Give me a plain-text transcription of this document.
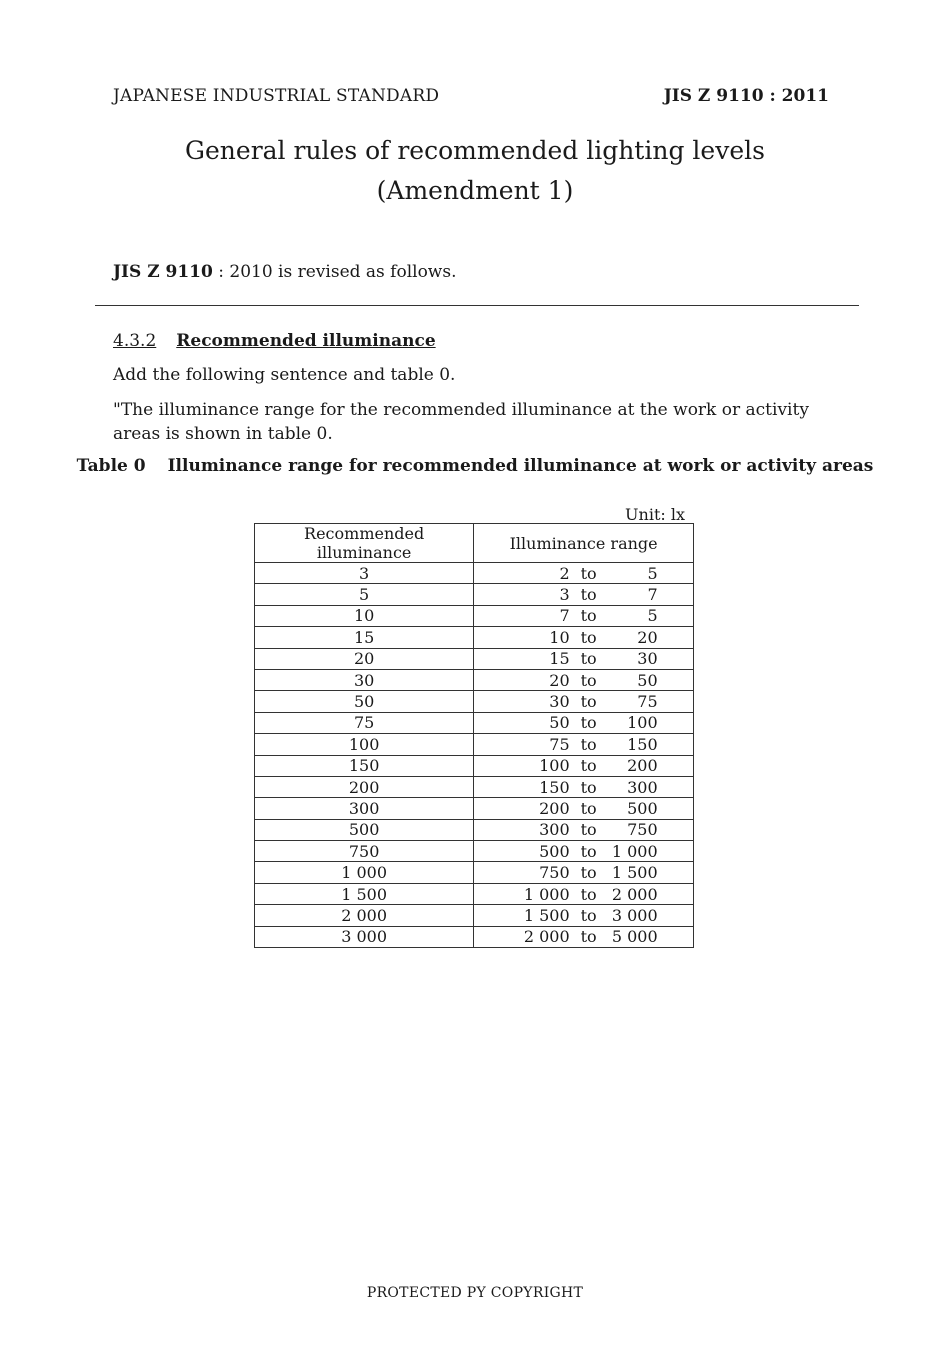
JAPANESE INDUSTRIAL STANDARD	JIS Z 9110 : 2011
General rules of recommended lighting levels
(Amendment 1)
JIS Z 9110 : 2010 is revised as follows.
4.3.2 Recommended illuminance
Add the following sentence and table 0.
"The illuminance range for the recommended illuminance at the work or activity areas is shown in table 0.
Table 0 Illuminance range for recommended illuminance at work or activity areas
Unit: lx
Recommended illuminance	Illuminance range
3	2 to 5

5	3 to 7

10	7 to 5

15	10 to 20

20	15 to 30

30	20 to 50

50	30 to 75

75	50 to 100

100	75 to 150

150	100 to 200

200	150 to 300

300	200 to 500

500	300 to 750

750	500 to 1 000

1 000	750 to 1 500

1 500	1 000 to 2 000

2 000	1 500 to 3 000

3 000	2 000 to 5 000
PROTECTED PY COPYRIGHT
